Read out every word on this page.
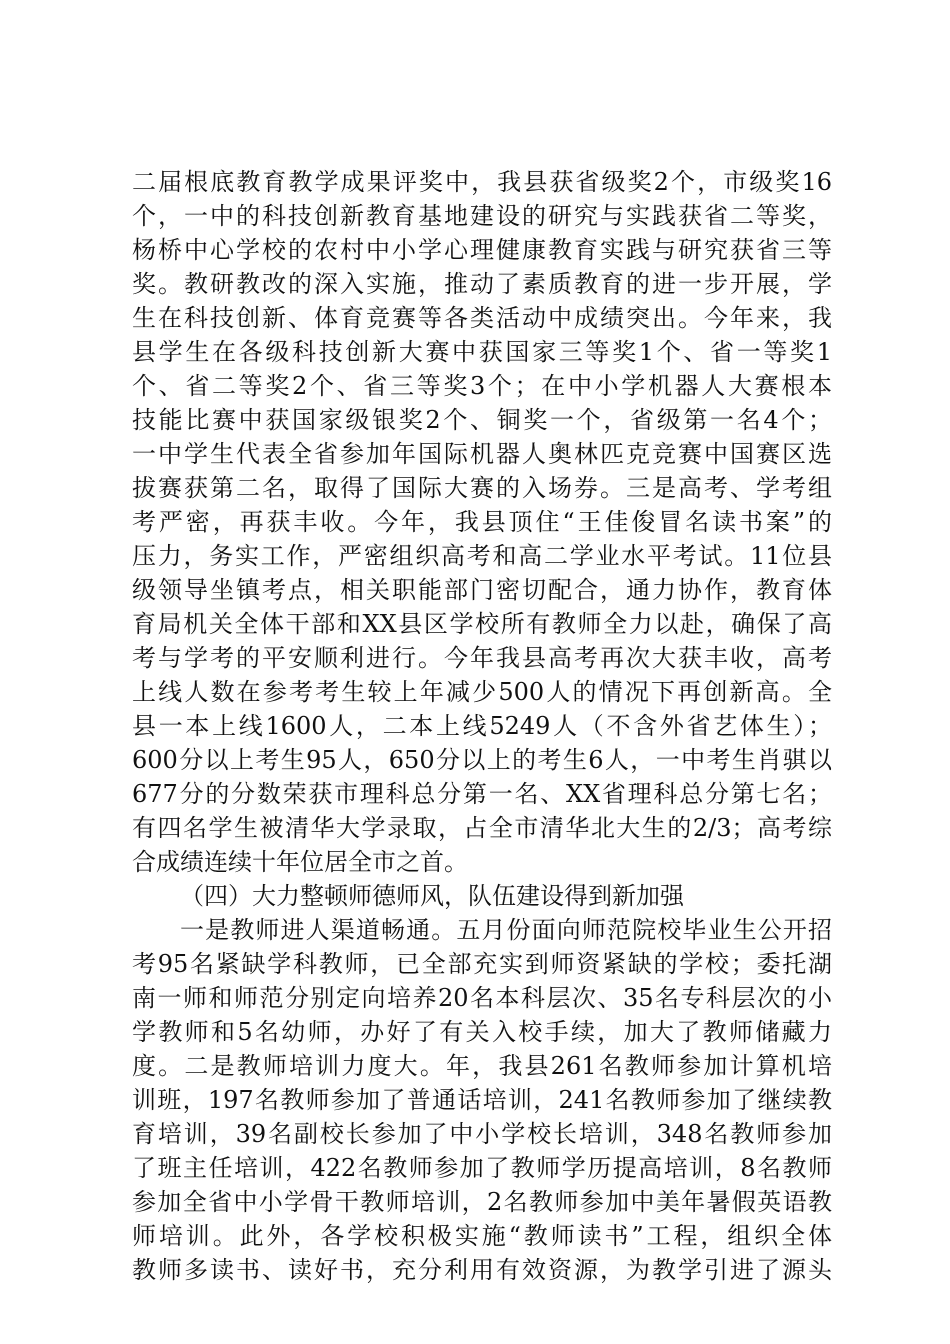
二届根底教育教学成果评奖中，我县获省级奖2个，市级奖16
个，一中的科技创新教育基地建设的研究与实践获省二等奖，
杨桥中心学校的农村中小学心理健康教育实践与研究获省三等
奖。教研教改的深入实施，推动了素质教育的进一步开展，学
生在科技创新、体育竞赛等各类活动中成绩突出。今年来，我
县学生在各级科技创新大赛中获国家三等奖1个、省一等奖1
个、省二等奖2个、省三等奖3个；在中小学机器人大赛根本
技能比赛中获国家级银奖2个、铜奖一个，省级第一名4个；
一中学生代表全省参加年国际机器人奥林匹克竞赛中国赛区选
拔赛获第二名，取得了国际大赛的入场券。三是高考、学考组
考严密，再获丰收。今年，我县顶住“王佳俊冒名读书案”的
压力，务实工作，严密组织高考和高二学业水平考试。11位县
级领导坐镇考点，相关职能部门密切配合，通力协作，教育体
育局机关全体干部和XX县区学校所有教师全力以赴，确保了高
考与学考的平安顺利进行。今年我县高考再次大获丰收，高考
上线人数在参考考生较上年减少500人的情况下再创新高。全
县一本上线1600人，二本上线5249人（不含外省艺体生）；
600分以上考生95人，650分以上的考生6人，一中考生肖骐以
677分的分数荣获市理科总分第一名、XX省理科总分第七名；
有四名学生被清华大学录取，占全市清华北大生的2/3；高考综
合成绩连续十年位居全市之首。
（四）大力整顿师德师风，队伍建设得到新加强
一是教师进人渠道畅通。五月份面向师范院校毕业生公开招
考95名紧缺学科教师，已全部充实到师资紧缺的学校；委托湖
南一师和师范分别定向培养20名本科层次、35名专科层次的小
学教师和5名幼师，办好了有关入校手续，加大了教师储藏力
度。二是教师培训力度大。年，我县261名教师参加计算机培
训班，197名教师参加了普通话培训，241名教师参加了继续教
育培训，39名副校长参加了中小学校长培训，348名教师参加
了班主任培训，422名教师参加了教师学历提高培训，8名教师
参加全省中小学骨干教师培训，2名教师参加中美年暑假英语教
师培训。此外，各学校积极实施“教师读书”工程，组织全体
教师多读书、读好书，充分利用有效资源，为教学引进了源头
